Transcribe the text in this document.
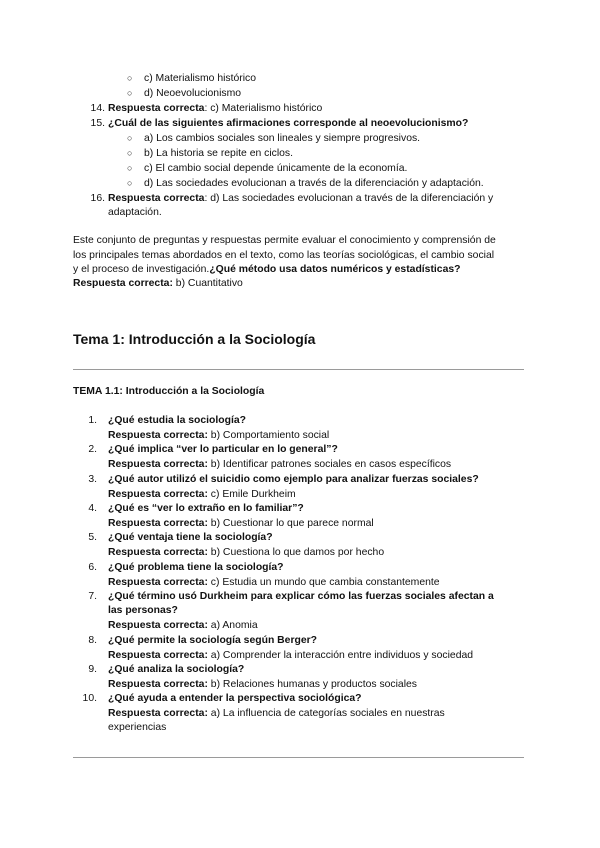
○ c) Materialismo histórico
○ d) Neoevolucionismo
14. Respuesta correcta: c) Materialismo histórico
15. ¿Cuál de las siguientes afirmaciones corresponde al neoevolucionismo?
○ a) Los cambios sociales son lineales y siempre progresivos.
○ b) La historia se repite en ciclos.
○ c) El cambio social depende únicamente de la economía.
○ d) Las sociedades evolucionan a través de la diferenciación y adaptación.
16. Respuesta correcta: d) Las sociedades evolucionan a través de la diferenciación y
adaptación.
Este conjunto de preguntas y respuestas permite evaluar el conocimiento y comprensión de
los principales temas abordados en el texto, como las teorías sociológicas, el cambio social
y el proceso de investigación.¿Qué método usa datos numéricos y estadísticas?
Respuesta correcta: b) Cuantitativo
Tema 1: Introducción a la Sociología
TEMA 1.1: Introducción a la Sociología
1. ¿Qué estudia la sociología?
Respuesta correcta: b) Comportamiento social
2. ¿Qué implica “ver lo particular en lo general”?
Respuesta correcta: b) Identificar patrones sociales en casos específicos
3. ¿Qué autor utilizó el suicidio como ejemplo para analizar fuerzas sociales?
Respuesta correcta: c) Emile Durkheim
4. ¿Qué es “ver lo extraño en lo familiar”?
Respuesta correcta: b) Cuestionar lo que parece normal
5. ¿Qué ventaja tiene la sociología?
Respuesta correcta: b) Cuestiona lo que damos por hecho
6. ¿Qué problema tiene la sociología?
Respuesta correcta: c) Estudia un mundo que cambia constantemente
7. ¿Qué término usó Durkheim para explicar cómo las fuerzas sociales afectan a
las personas?
Respuesta correcta: a) Anomia
8. ¿Qué permite la sociología según Berger?
Respuesta correcta: a) Comprender la interacción entre individuos y sociedad
9. ¿Qué analiza la sociología?
Respuesta correcta: b) Relaciones humanas y productos sociales
10. ¿Qué ayuda a entender la perspectiva sociológica?
Respuesta correcta: a) La influencia de categorías sociales en nuestras
experiencias
